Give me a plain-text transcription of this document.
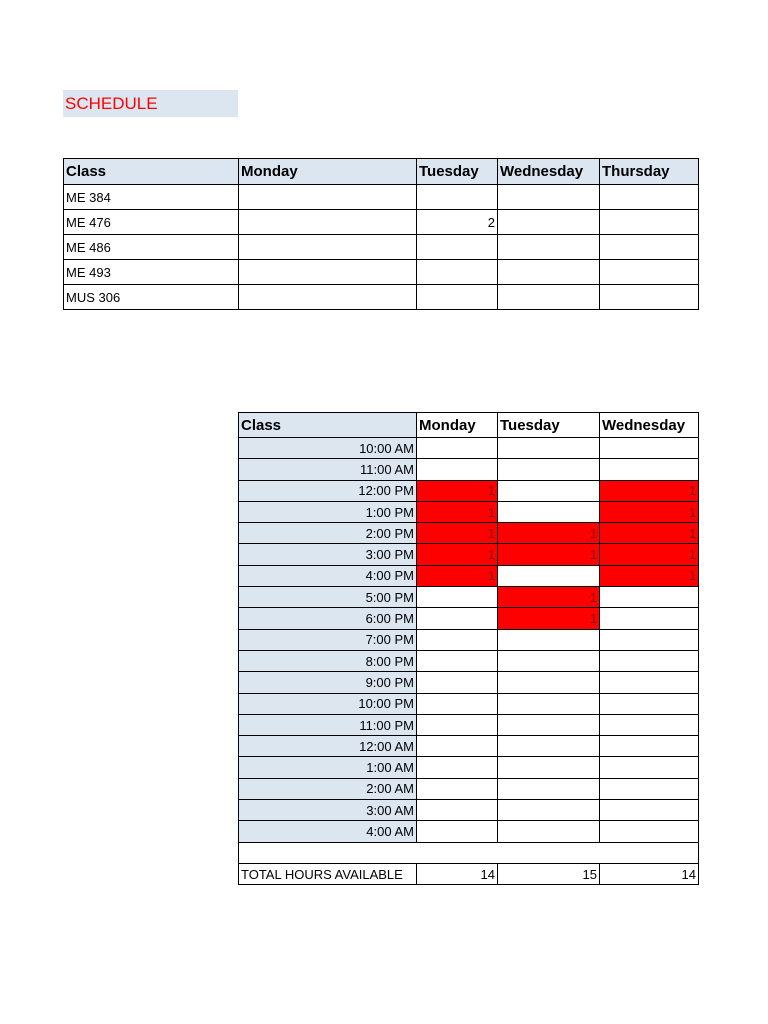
SCHEDULE
Class	Monday	Tuesday	Wednesday	Thursday
ME 384				
ME 476		2		
ME 486				
ME 493				
MUS 306				
Class	Monday	Tuesday	Wednesday
10:00 AM			
11:00 AM			
12:00 PM	1		1
1:00 PM	1		1
2:00 PM	1	1	1
3:00 PM	1	1	1
4:00 PM	1		1
5:00 PM		1	
6:00 PM		1	
7:00 PM			
8:00 PM			
9:00 PM			
10:00 PM			
11:00 PM			
12:00 AM			
1:00 AM			
2:00 AM			
3:00 AM			
4:00 AM			

TOTAL HOURS AVAILABLE	14	15	14
